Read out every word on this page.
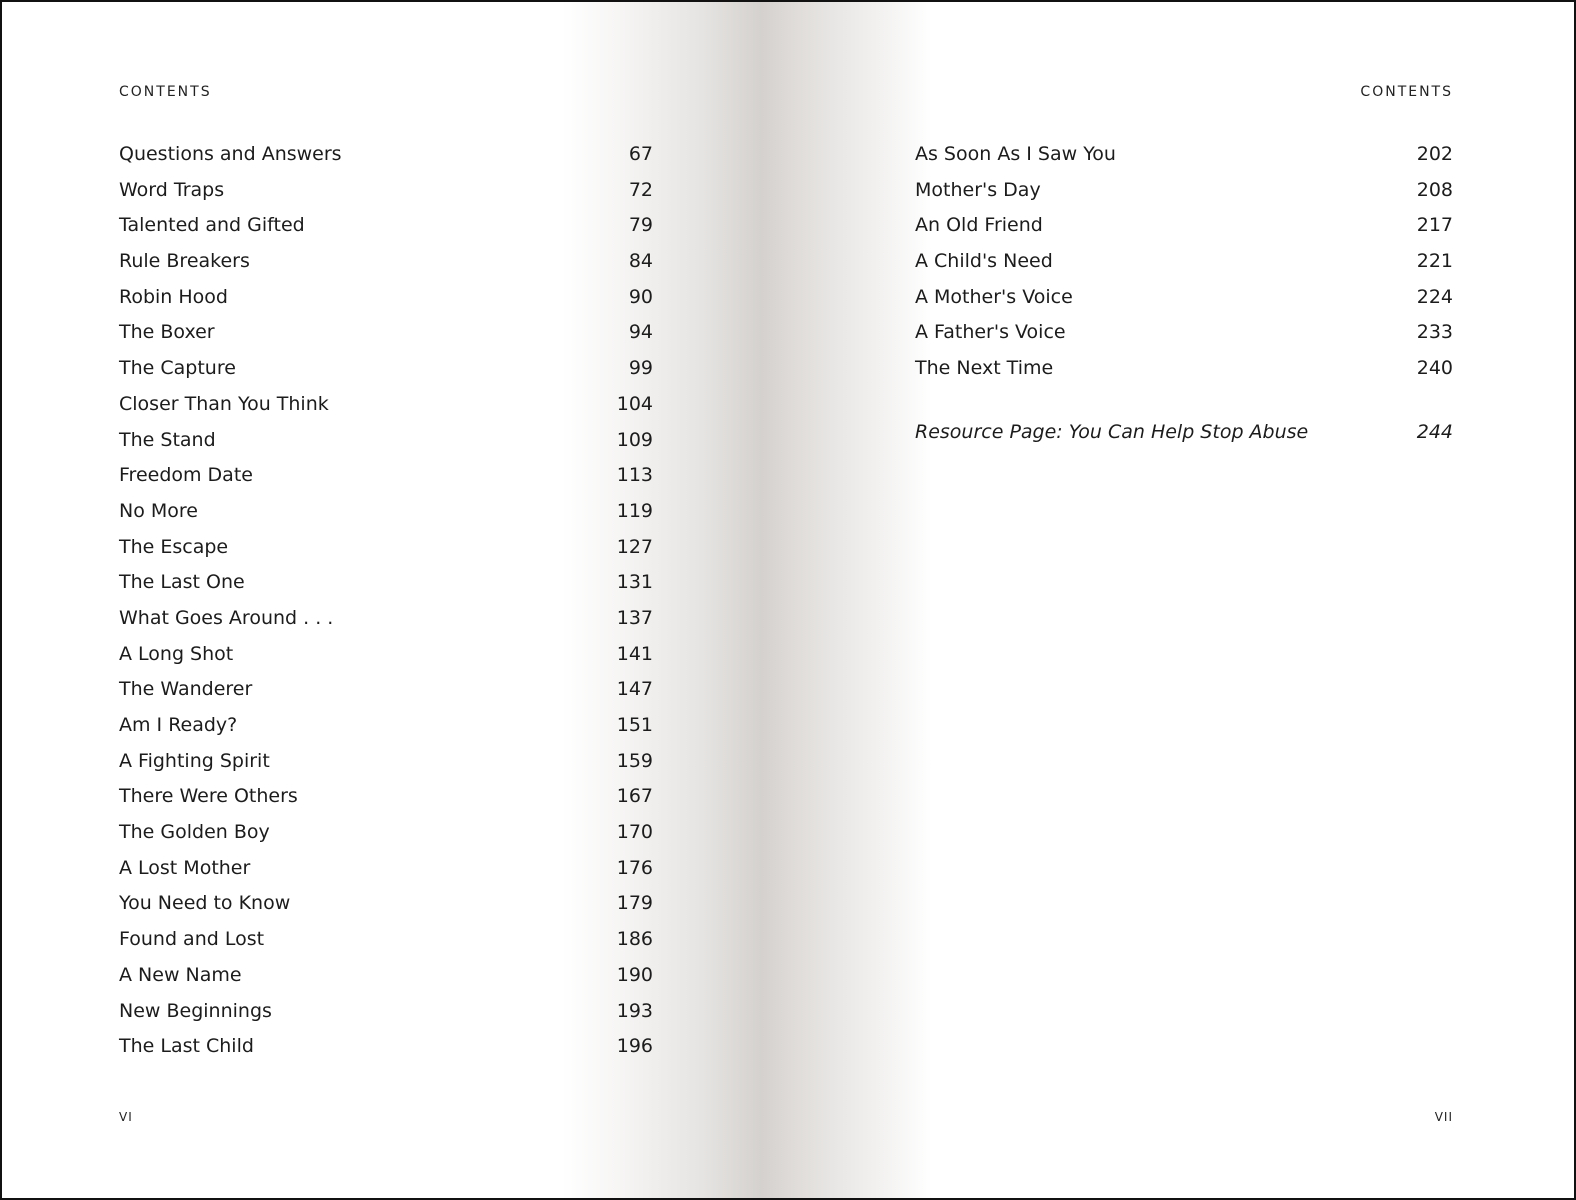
CONTENTS
Questions and Answers	67
Word Traps	72
Talented and Gifted	79
Rule Breakers	84
Robin Hood	90
The Boxer	94
The Capture	99
Closer Than You Think	104
The Stand	109
Freedom Date	113
No More	119
The Escape	127
The Last One	131
What Goes Around . . .	137
A Long Shot	141
The Wanderer	147
Am I Ready?	151
A Fighting Spirit	159
There Were Others	167
The Golden Boy	170
A Lost Mother	176
You Need to Know	179
Found and Lost	186
A New Name	190
New Beginnings	193
The Last Child	196
VI
CONTENTS
As Soon As I Saw You	202
Mother's Day	208
An Old Friend	217
A Child's Need	221
A Mother's Voice	224
A Father's Voice	233
The Next Time	240
Resource Page: You Can Help Stop Abuse	244
VII
